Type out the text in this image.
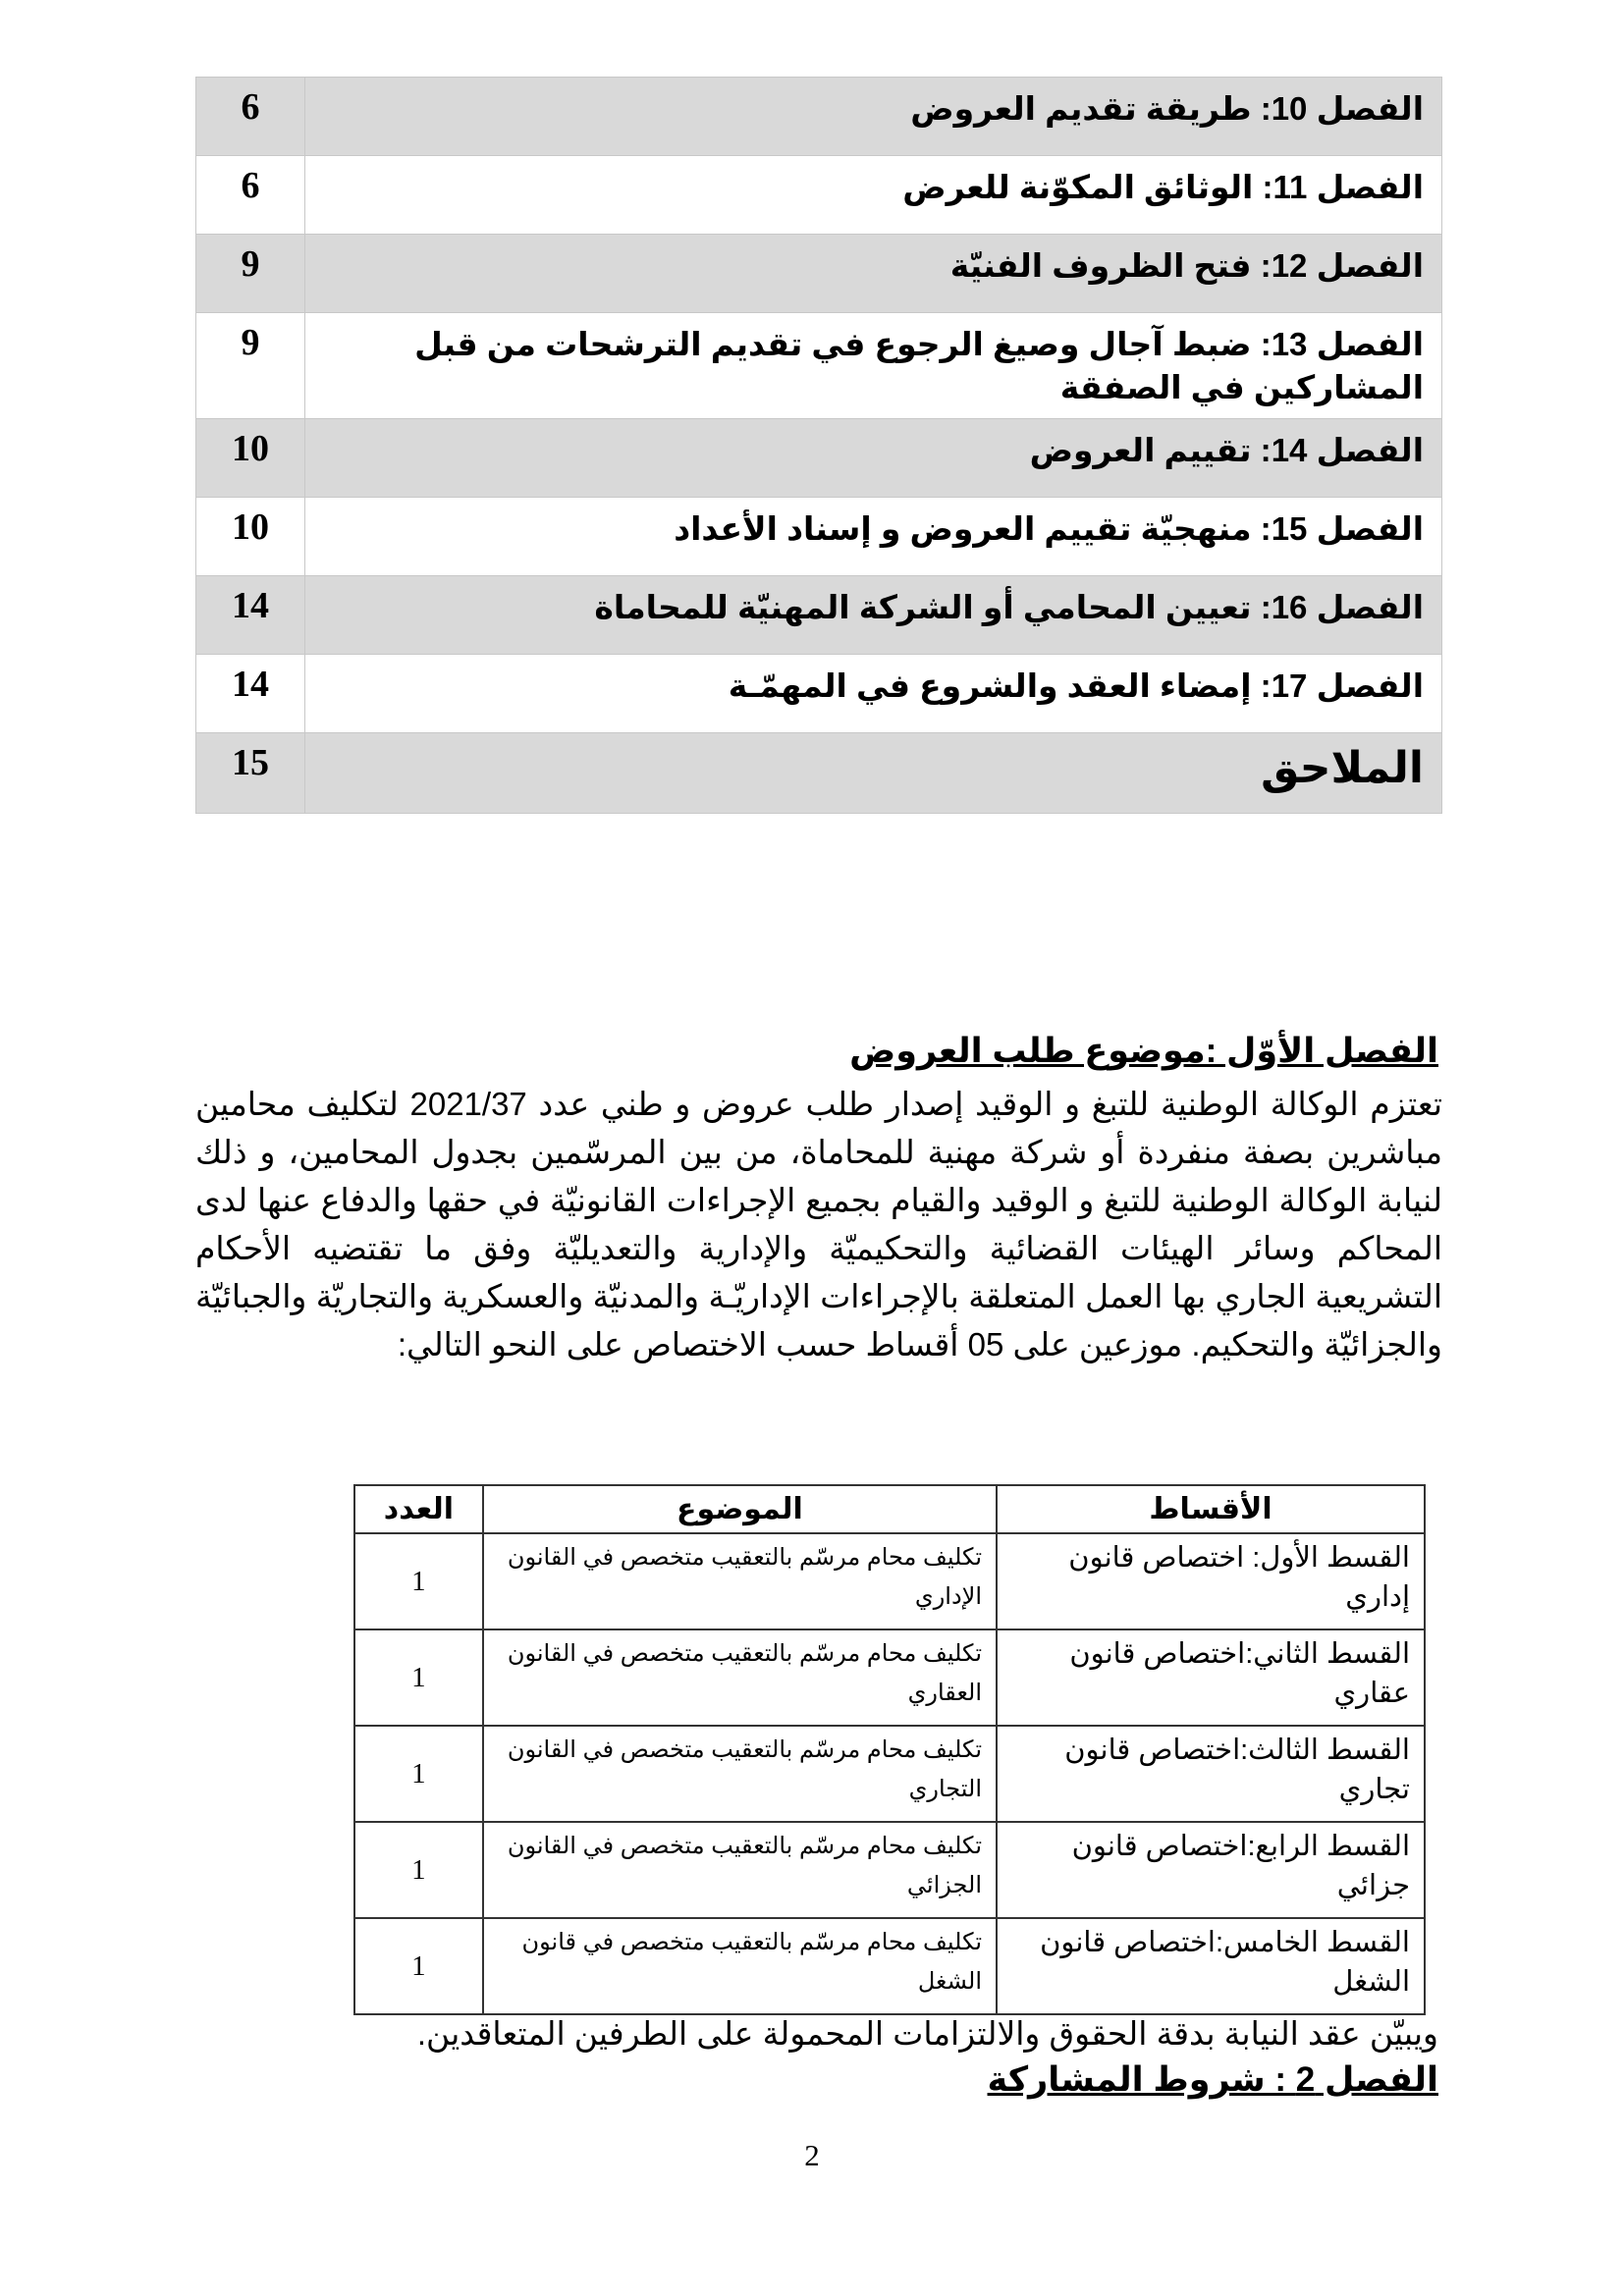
الفصل 10: طريقة تقديم العروض	6
الفصل 11: الوثائق المكوّنة للعرض	6
الفصل 12: فتح الظروف الفنيّة	9
الفصل 13: ضبط آجال وصيغ الرجوع في تقديم الترشحات من قبل المشاركين في الصفقة	9
الفصل 14: تقييم العروض	10
الفصل 15: منهجيّة تقييم العروض و إسناد الأعداد	10
الفصل 16: تعيين المحامي أو الشركة المهنيّة للمحاماة	14
الفصل 17: إمضاء العقد والشروع في المهمّـة	14
الملاحق	15
الفصل الأوّل :موضوع طلب العروض

تعتزم الوكالة الوطنية للتبغ و الوقيد إصدار طلب عروض و طني عدد 2021/37 لتكليف محامين مباشرين بصفة منفردة أو شركة مهنية للمحاماة، من بين المرسّمين بجدول المحامين، و ذلك لنيابة الوكالة الوطنية للتبغ و الوقيد والقيام بجميع الإجراءات القانونيّة في حقها والدفاع عنها لدى المحاكم وسائر الهيئات القضائية والتحكيميّة والإدارية والتعديليّة وفق ما تقتضيه الأحكام التشريعية الجاري بها العمل المتعلقة بالإجراءات الإداريّـة والمدنيّة والعسكرية والتجاريّة والجبائيّة والجزائيّة والتحكيم. موزعين على 05 أقساط حسب الاختصاص على النحو التالي:

الأقساط	الموضوع	العدد
القسط الأول: اختصاص قانون إداري	تكليف محام مرسّم بالتعقيب متخصص في القانون الإداري	1
القسط الثاني:اختصاص قانون عقاري	تكليف محام مرسّم بالتعقيب متخصص في القانون العقاري	1
القسط الثالث:اختصاص قانون تجاري	تكليف محام مرسّم بالتعقيب متخصص في القانون التجاري	1
القسط الرابع:اختصاص قانون جزائي	تكليف محام مرسّم بالتعقيب متخصص في القانون الجزائي	1
القسط الخامس:اختصاص قانون الشغل	تكليف محام مرسّم بالتعقيب متخصص في قانون الشغل	1

ويبيّن عقد النيابة بدقة الحقوق والالتزامات المحمولة على الطرفين المتعاقدين.

الفصل 2 : شروط المشاركة
2
